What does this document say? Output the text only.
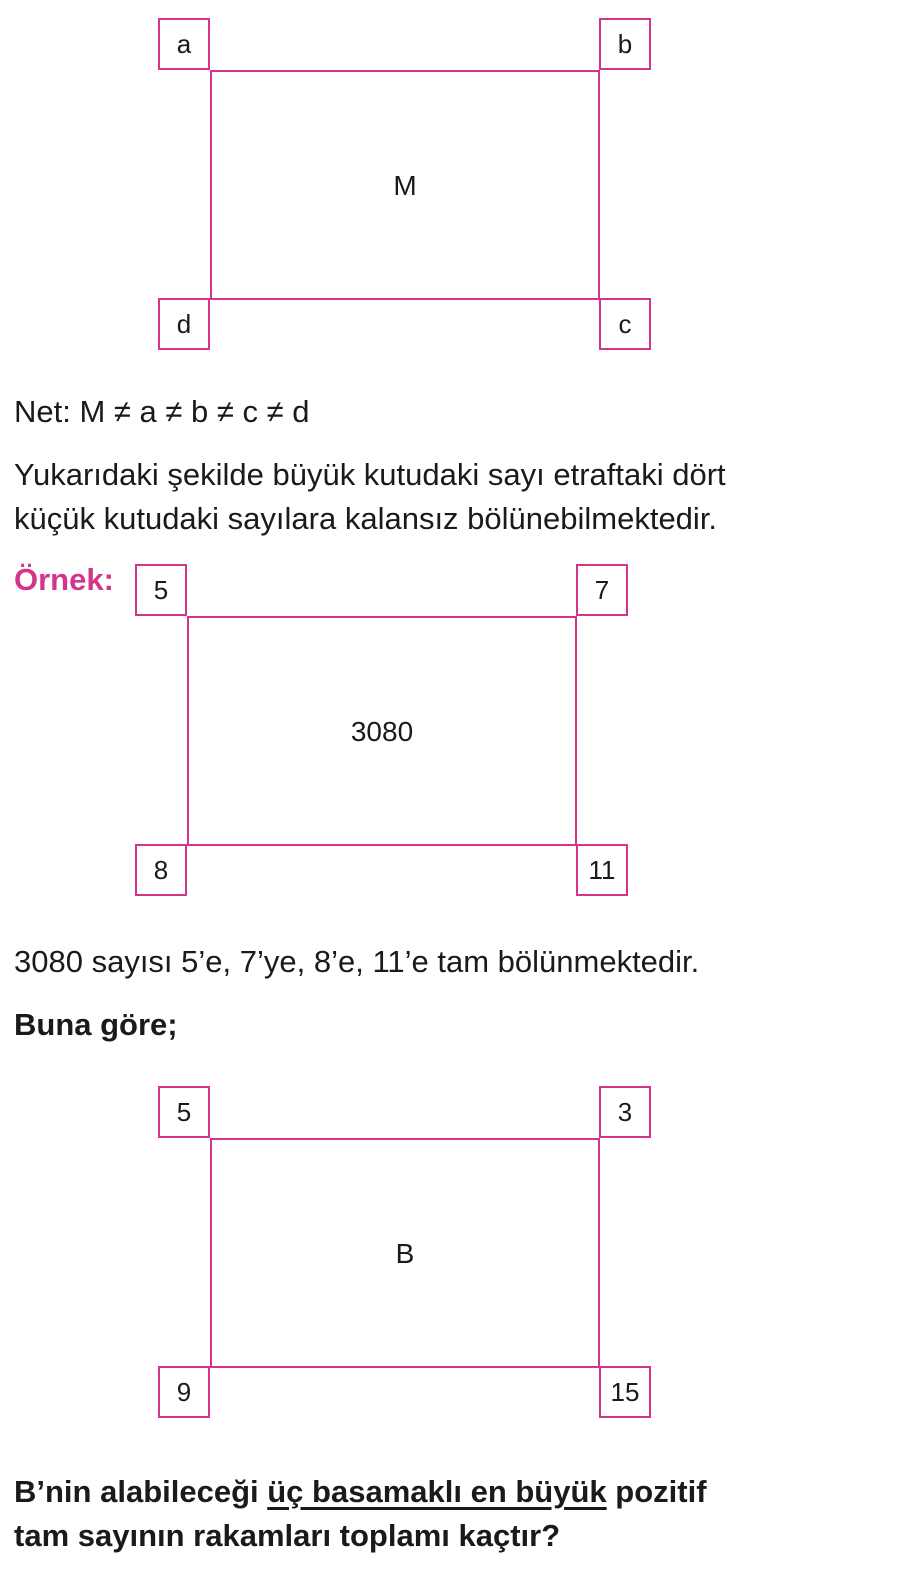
a	b
d	c
M

Net: M ≠ a ≠ b ≠ c ≠ d

Yukarıdaki şekilde büyük kutudaki sayı etraftaki dört

küçük kutudaki sayılara kalansız bölünebilmektedir.

Örnek:	5	7
8	11
3080

3080 sayısı 5’e, 7’ye, 8’e, 11’e tam bölünmektedir.

Buna göre;

5	3
9	15
B

B’nin alabileceği üç basamaklı en büyük pozitif

tam sayının rakamları toplamı kaçtır?
